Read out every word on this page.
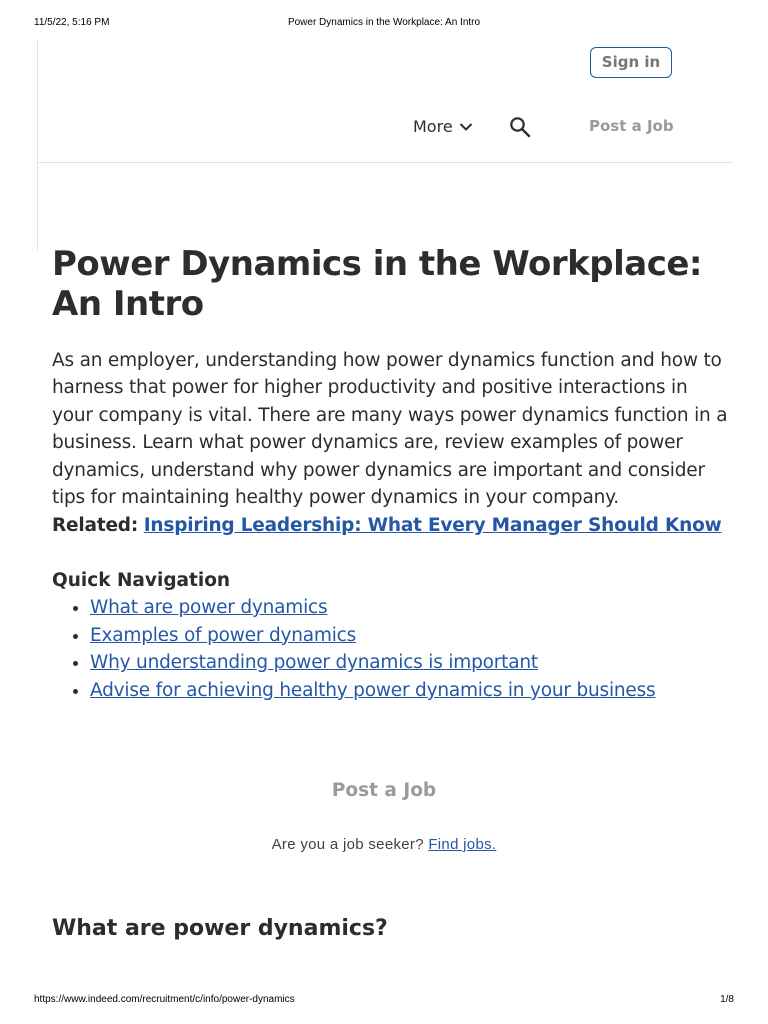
11/5/22, 5:16 PM	Power Dynamics in the Workplace: An Intro
Sign in
More	Post a Job
Power Dynamics in the Workplace: An Intro

As an employer, understanding how power dynamics function and how to harness that power for higher productivity and positive interactions in your company is vital. There are many ways power dynamics function in a business. Learn what power dynamics are, review examples of power dynamics, understand why power dynamics are important and consider tips for maintaining healthy power dynamics in your company.

Related: Inspiring Leadership: What Every Manager Should Know
Quick Navigation
• What are power dynamics
• Examples of power dynamics
• Why understanding power dynamics is important
• Advise for achieving healthy power dynamics in your business
Post a Job
Are you a job seeker? Find jobs.
What are power dynamics?
https://www.indeed.com/recruitment/c/info/power-dynamics	1/8
